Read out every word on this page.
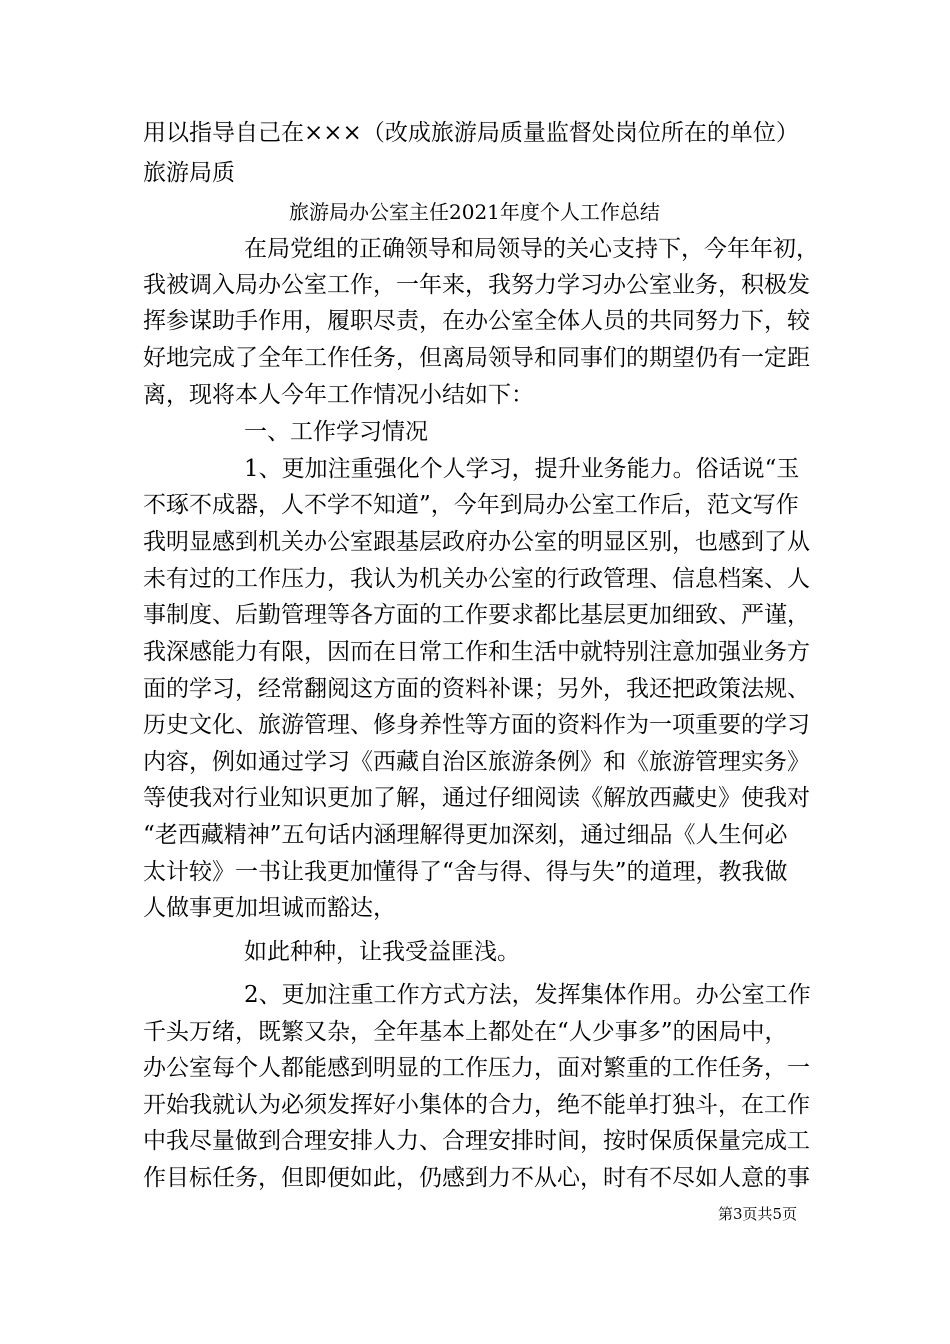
用以指导自己在×××（改成旅游局质量监督处岗位所在的单位）
旅游局质
旅游局办公室主任2021年度个人工作总结
在局党组的正确领导和局领导的关心支持下，今年年初，
我被调入局办公室工作，一年来，我努力学习办公室业务，积极发
挥参谋助手作用，履职尽责，在办公室全体人员的共同努力下，较
好地完成了全年工作任务，但离局领导和同事们的期望仍有一定距
离，现将本人今年工作情况小结如下：
一、工作学习情况
1、更加注重强化个人学习，提升业务能力。俗话说“玉
不琢不成器，人不学不知道”，今年到局办公室工作后，范文写作
我明显感到机关办公室跟基层政府办公室的明显区别，也感到了从
未有过的工作压力，我认为机关办公室的行政管理、信息档案、人
事制度、后勤管理等各方面的工作要求都比基层更加细致、严谨，
我深感能力有限，因而在日常工作和生活中就特别注意加强业务方
面的学习，经常翻阅这方面的资料补课；另外，我还把政策法规、
历史文化、旅游管理、修身养性等方面的资料作为一项重要的学习
内容，例如通过学习《西藏自治区旅游条例》和《旅游管理实务》
等使我对行业知识更加了解，通过仔细阅读《解放西藏史》使我对
“老西藏精神”五句话内涵理解得更加深刻，通过细品《人生何必
太计较》一书让我更加懂得了“舍与得、得与失”的道理，教我做
人做事更加坦诚而豁达，
如此种种，让我受益匪浅。
2、更加注重工作方式方法，发挥集体作用。办公室工作
千头万绪，既繁又杂，全年基本上都处在“人少事多”的困局中，
办公室每个人都能感到明显的工作压力，面对繁重的工作任务，一
开始我就认为必须发挥好小集体的合力，绝不能单打独斗，在工作
中我尽量做到合理安排人力、合理安排时间，按时保质保量完成工
作目标任务，但即便如此，仍感到力不从心，时有不尽如人意的事
第3页共5页
